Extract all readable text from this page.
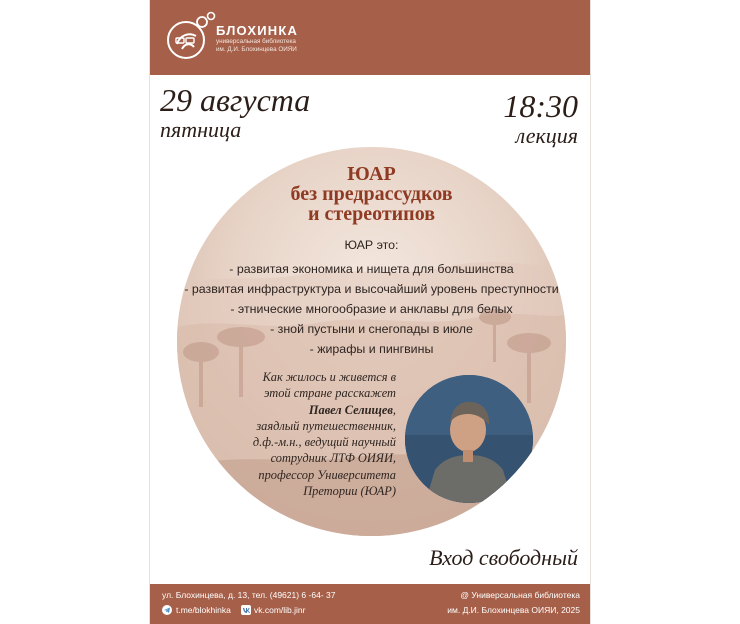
БЛОХИНКА
универсальная библиотека
им. Д.И. Блохинцева ОИЯИ
29 августа
пятница
18:30
лекция
ЮАР
без предрассудков
и стереотипов
ЮАР это:
- развитая экономика и нищета для большинства
- развитая инфраструктура и высочайший уровень преступности
- этнические многообразие и анклавы для белых
- зной пустыни и снегопады в июле
- жирафы и пингвины
Как жилось и живется в
этой стране расскажет
Павел Селищев,
заядлый путешественник,
д.ф.-м.н., ведущий научный
сотрудник ЛТФ ОИЯИ,
профессор Университета
Претории (ЮАР)
Вход свободный
ул. Блохинцева, д. 13, тел. (49621) 6 -64- 37
t.me/blokhinka	vk.com/lib.jinr
@ Универсальная библиотека
им. Д.И. Блохинцева ОИЯИ, 2025
